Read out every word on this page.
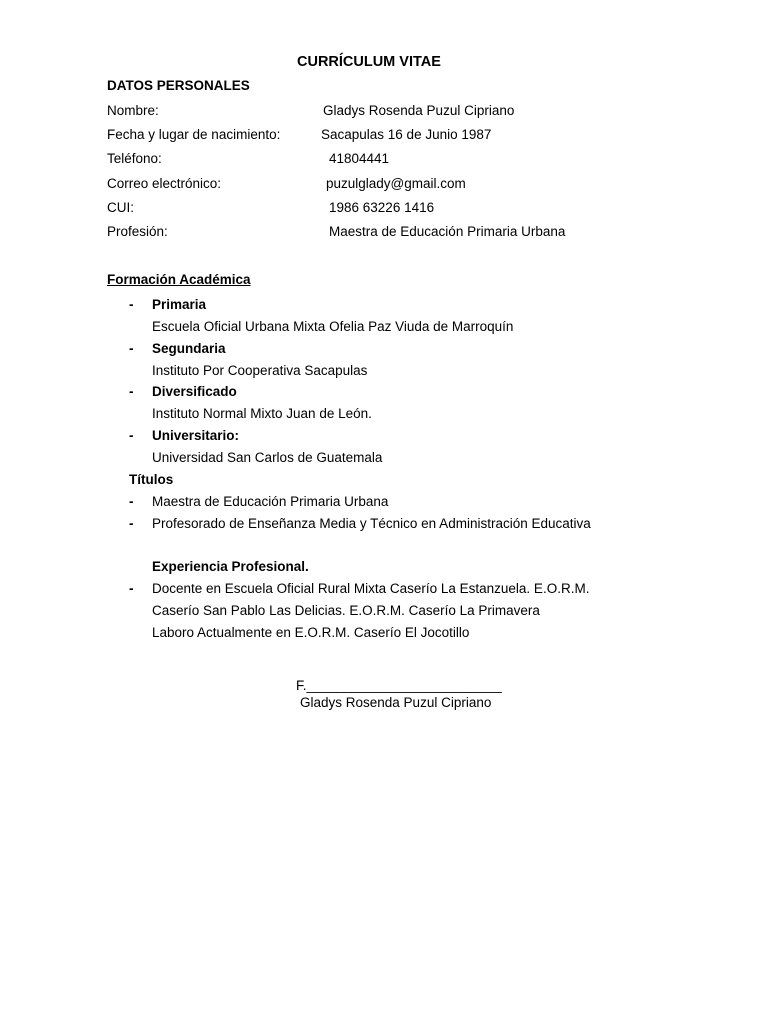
CURRÍCULUM VITAE
DATOS PERSONALES
Nombre:	Gladys Rosenda Puzul Cipriano
Fecha y lugar de nacimiento:	Sacapulas 16 de Junio 1987
Teléfono:	41804441
Correo electrónico:	puzulglady@gmail.com
CUI:	1986 63226 1416
Profesión:	Maestra de Educación Primaria Urbana
Formación Académica
- Primaria
Escuela Oficial Urbana Mixta Ofelia Paz Viuda de Marroquín
- Segundaria
Instituto Por Cooperativa Sacapulas
- Diversificado
Instituto Normal Mixto Juan de León.
- Universitario:
Universidad San Carlos de Guatemala
Títulos
- Maestra de Educación Primaria Urbana
- Profesorado de Enseñanza Media y Técnico en Administración Educativa
Experiencia Profesional.
- Docente en Escuela Oficial Rural Mixta Caserío La Estanzuela. E.O.R.M.
Caserío San Pablo Las Delicias. E.O.R.M. Caserío La Primavera
Laboro Actualmente en E.O.R.M. Caserío El Jocotillo
F.__________________________
Gladys Rosenda Puzul Cipriano
